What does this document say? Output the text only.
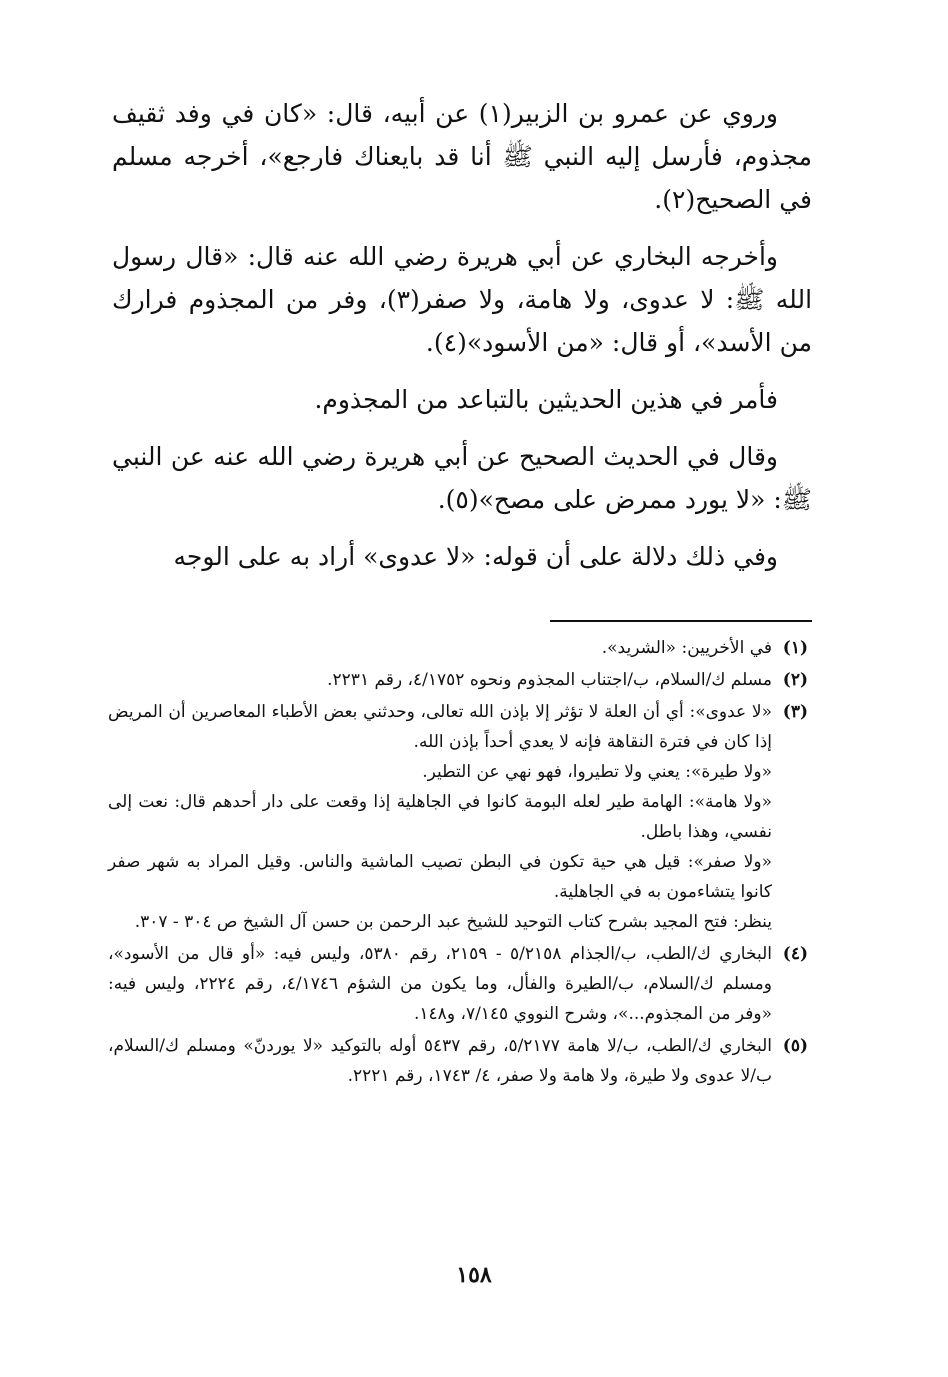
وروي عن عمرو بن الزبير(١) عن أبيه، قال: «كان في وفد ثقيف مجذوم، فأرسل إليه النبي ﷺ أنا قد بايعناك فارجع»، أخرجه مسلم في الصحيح(٢).

وأخرجه البخاري عن أبي هريرة رضي الله عنه قال: «قال رسول الله ﷺ: لا عدوى، ولا هامة، ولا صفر(٣)، وفر من المجذوم فرارك من الأسد»، أو قال: «من الأسود»(٤).

فأمر في هذين الحديثين بالتباعد من المجذوم.

وقال في الحديث الصحيح عن أبي هريرة رضي الله عنه عن النبي ﷺ: «لا يورد ممرض على مصح»(٥).

وفي ذلك دلالة على أن قوله: «لا عدوى» أراد به على الوجه

(١)

في الأخريين: «الشريد».

(٢)

مسلم ك/السلام، ب/اجتناب المجذوم ونحوه ٤/١٧٥٢، رقم ٢٢٣١.

(٣)

«لا عدوى»: أي أن العلة لا تؤثر إلا بإذن الله تعالى، وحدثني بعض الأطباء المعاصرين أن المريض إذا كان في فترة النقاهة فإنه لا يعدي أحداً بإذن الله.

«ولا طيرة»: يعني ولا تطيروا، فهو نهي عن التطير.

«ولا هامة»: الهامة طير لعله البومة كانوا في الجاهلية إذا وقعت على دار أحدهم قال: نعت إلى نفسي، وهذا باطل.

«ولا صفر»: قيل هي حية تكون في البطن تصيب الماشية والناس. وقيل المراد به شهر صفر كانوا يتشاءمون به في الجاهلية.

ينظر: فتح المجيد بشرح كتاب التوحيد للشيخ عبد الرحمن بن حسن آل الشيخ ص ٣٠٤ - ٣٠٧.

(٤)

البخاري ك/الطب، ب/الجذام ٥/٢١٥٨ - ٢١٥٩، رقم ٥٣٨٠، وليس فيه: «أو قال من الأسود»، ومسلم ك/السلام، ب/الطيرة والفأل، وما يكون من الشؤم ٤/١٧٤٦، رقم ٢٢٢٤، وليس فيه: «وفر من المجذوم...»، وشرح النووي ٧/١٤٥، و١٤٨.

(٥)

البخاري ك/الطب، ب/لا هامة ٥/٢١٧٧، رقم ٥٤٣٧ أوله بالتوكيد «لا يوردنّ» ومسلم ك/السلام، ب/لا عدوى ولا طيرة، ولا هامة ولا صفر، ٤/ ١٧٤٣، رقم ٢٢٢١.

١٥٨
